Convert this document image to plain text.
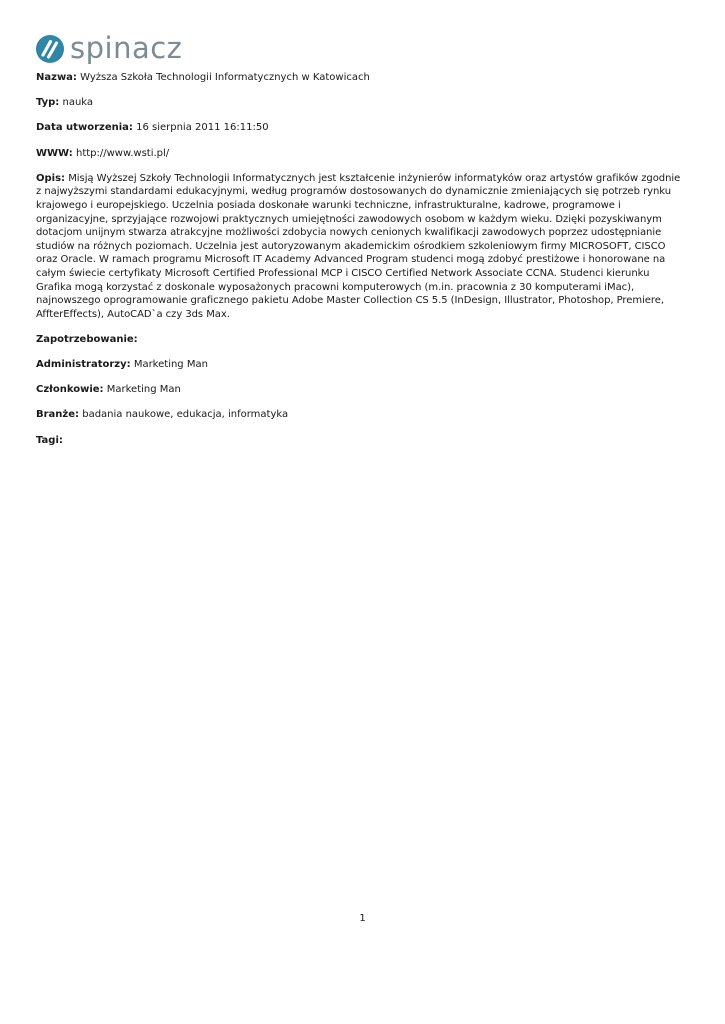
spinacz

Nazwa: Wyższa Szkoła Technologii Informatycznych w Katowicach

Typ: nauka

Data utworzenia: 16 sierpnia 2011 16:11:50

WWW: http://www.wsti.pl/

Opis: Misją Wyższej Szkoły Technologii Informatycznych jest kształcenie inżynierów informatyków oraz artystów grafików zgodnie z najwyższymi standardami edukacyjnymi, według programów dostosowanych do dynamicznie zmieniających się potrzeb rynku krajowego i europejskiego. Uczelnia posiada doskonałe warunki techniczne, infrastrukturalne, kadrowe, programowe i organizacyjne, sprzyjające rozwojowi praktycznych umiejętności zawodowych osobom w każdym wieku. Dzięki pozyskiwanym dotacjom unijnym stwarza atrakcyjne możliwości zdobycia nowych cenionych kwalifikacji zawodowych poprzez udostępnianie studiów na różnych poziomach. Uczelnia jest autoryzowanym akademickim ośrodkiem szkoleniowym firmy MICROSOFT, CISCO oraz Oracle. W ramach programu Microsoft IT Academy Advanced Program studenci mogą zdobyć prestiżowe i honorowane na całym świecie certyfikaty Microsoft Certified Professional MCP i CISCO Certified Network Associate CCNA. Studenci kierunku Grafika mogą korzystać z doskonale wyposażonych pracowni komputerowych (m.in. pracownia z 30 komputerami iMac), najnowszego oprogramowanie graficznego pakietu Adobe Master Collection CS 5.5 (InDesign, Illustrator, Photoshop, Premiere, AffterEffects), AutoCAD`a czy 3ds Max.

Zapotrzebowanie:

Administratorzy: Marketing Man

Członkowie: Marketing Man

Branże: badania naukowe, edukacja, informatyka

Tagi:

1
